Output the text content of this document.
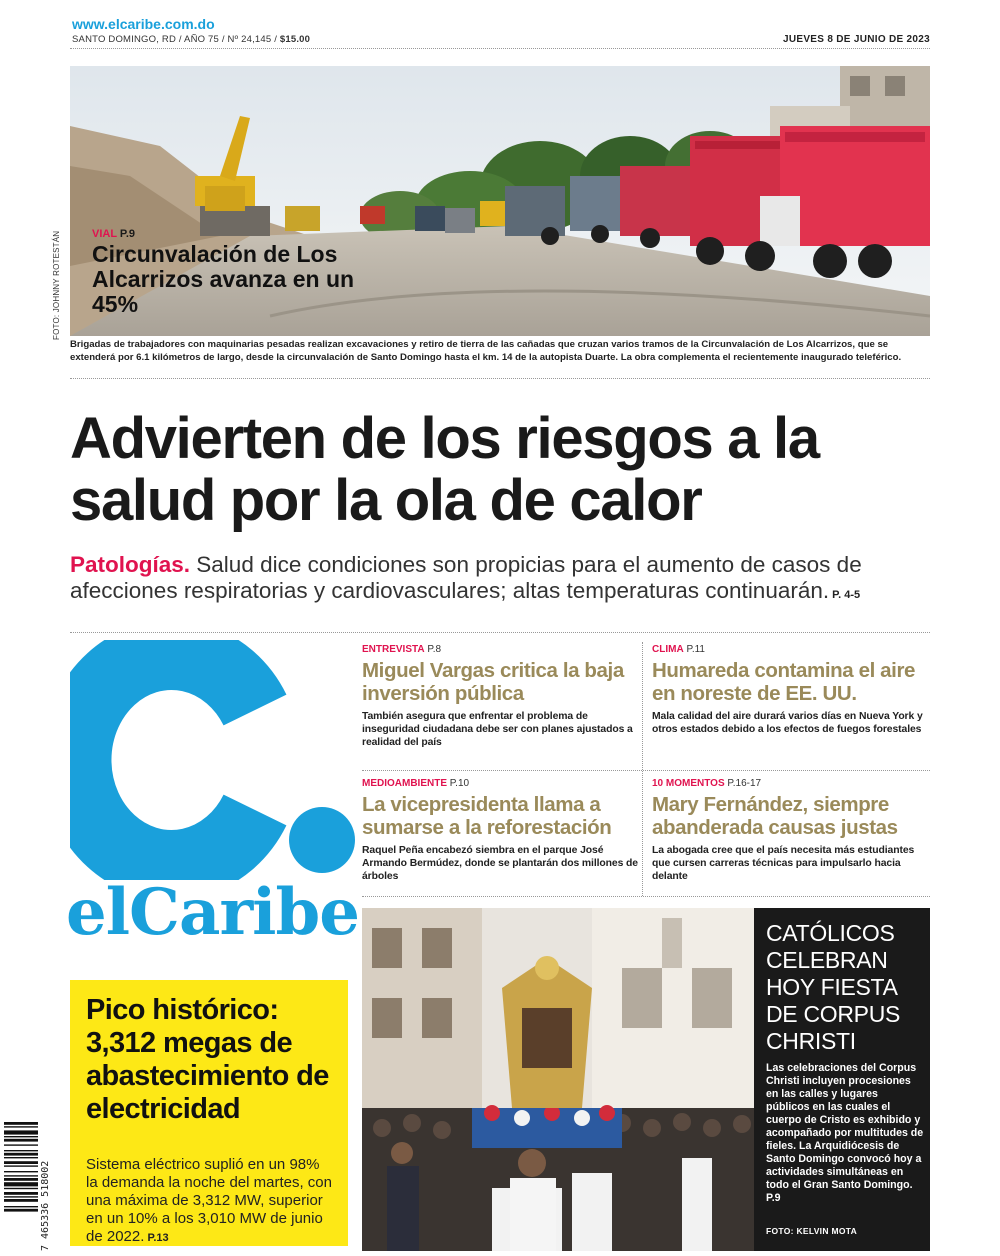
www.elcaribe.com.do
SANTO DOMINGO, RD / AÑO 75 / Nº 24,145 / $15.00	JUEVES 8 DE JUNIO DE 2023
FOTO: JOHNNY ROTESTÁN	VIAL P.9
Circunvalación de Los Alcarrizos avanza en un 45%
Brigadas de trabajadores con maquinarias pesadas realizan excavaciones y retiro de tierra de las cañadas que cruzan varios tramos de la Circunvalación de Los Alcarrizos, que se extenderá por 6.1 kilómetros de largo, desde la circunvalación de Santo Domingo hasta el km. 14 de la autopista Duarte. La obra complementa el recientemente inaugurado teleférico.
Advierten de los riesgos a la salud por la ola de calor
Patologías. Salud dice condiciones son propicias para el aumento de casos de afecciones respiratorias y cardiovasculares; altas temperaturas continuarán. P. 4-5
elCaribe
ENTREVISTA P.8
Miguel Vargas critica la baja inversión pública
También asegura que enfrentar el problema de inseguridad ciudadana debe ser con planes ajustados a realidad del país
CLIMA P.11
Humareda contamina el aire en noreste de EE. UU.
Mala calidad del aire durará varios días en Nueva York y otros estados debido a los efectos de fuegos forestales
MEDIOAMBIENTE P.10
La vicepresidenta llama a sumarse a la reforestación
Raquel Peña encabezó siembra en el parque José Armando Bermúdez, donde se plantarán dos millones de árboles
10 MOMENTOS P.16-17
Mary Fernández, siempre abanderada causas justas
La abogada cree que el país necesita más estudiantes que cursen carreras técnicas para impulsarlo hacia delante
Pico histórico: 3,312 megas de abastecimiento de electricidad
Sistema eléctrico suplió en un 98% la demanda la noche del martes, con una máxima de 3,312 MW, superior en un 10% a los 3,010 MW de junio de 2022. P.13
7 465336 518002
CATÓLICOS CELEBRAN HOY FIESTA DE CORPUS CHRISTI
Las celebraciones del Corpus Christi incluyen procesiones en las calles y lugares públicos en las cuales el cuerpo de Cristo es exhibido y acompañado por multitudes de fieles. La Arquidiócesis de Santo Domingo convocó hoy a actividades simultáneas en todo el Gran Santo Domingo. P.9
FOTO: KELVIN MOTA
